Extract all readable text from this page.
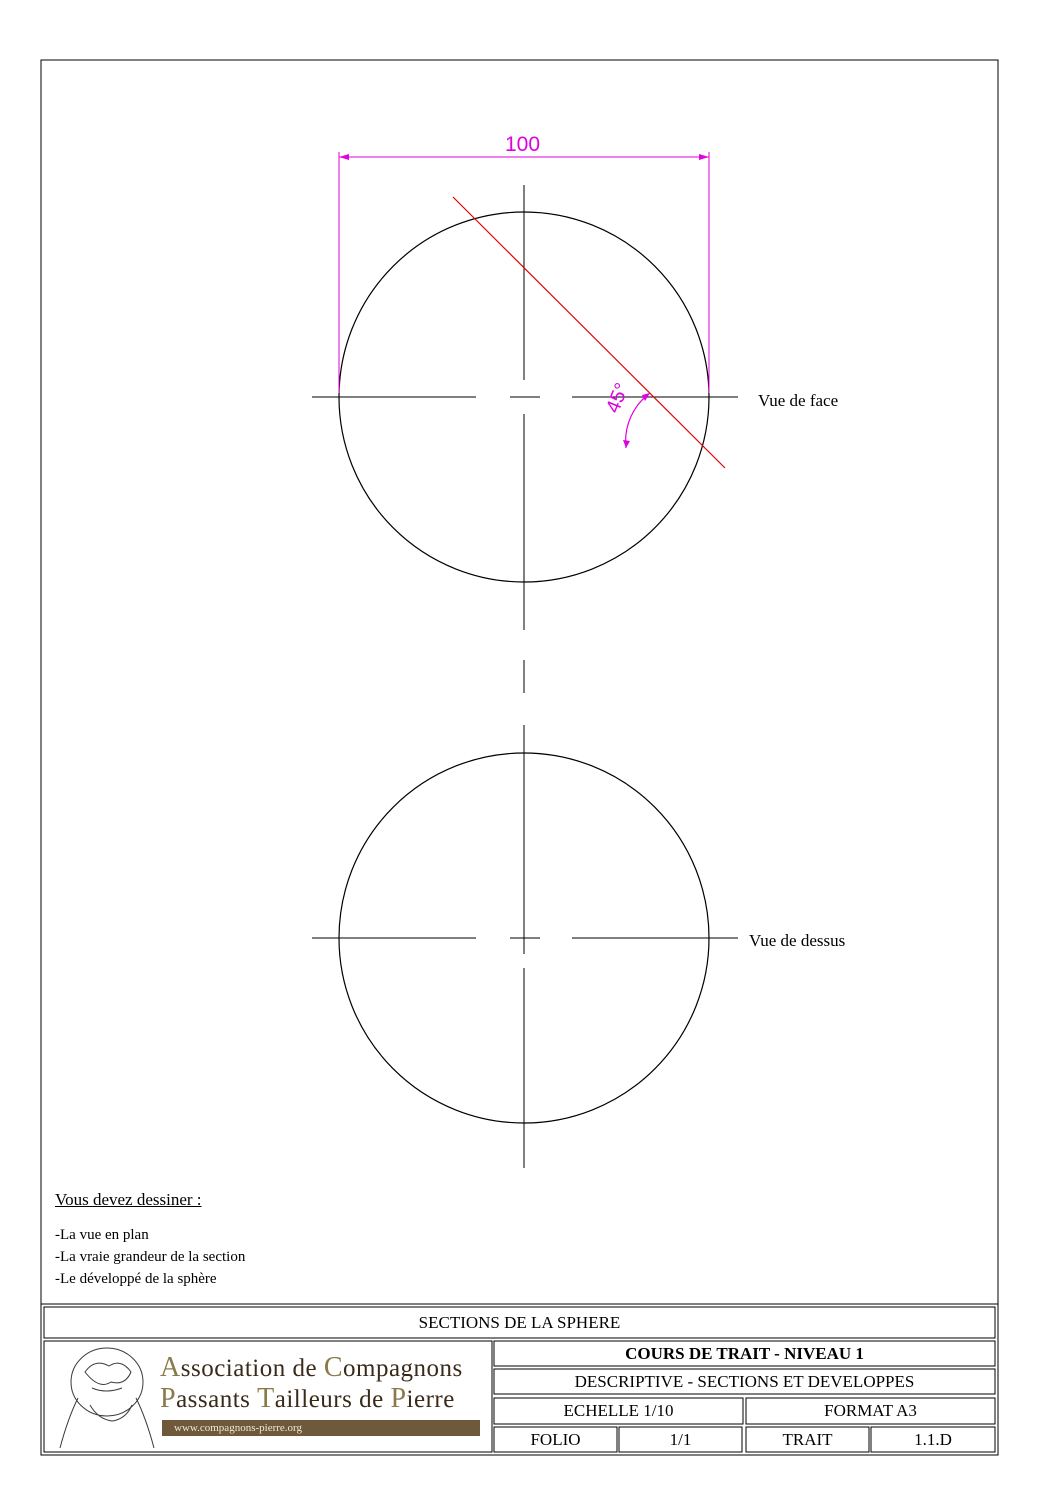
100
45°	Vue de face
Vue de dessus
Vous devez dessiner :
-La vue en plan
-La vraie grandeur de la section
-Le développé de la sphère
SECTIONS DE LA SPHERE
COURS DE TRAIT - NIVEAU 1
DESCRIPTIVE - SECTIONS ET DEVELOPPES
ECHELLE 1/10	FORMAT A3
FOLIO	1/1	TRAIT	1.1.D
Association de Compagnons
Passants Tailleurs de Pierre
www.compagnons-pierre.org
